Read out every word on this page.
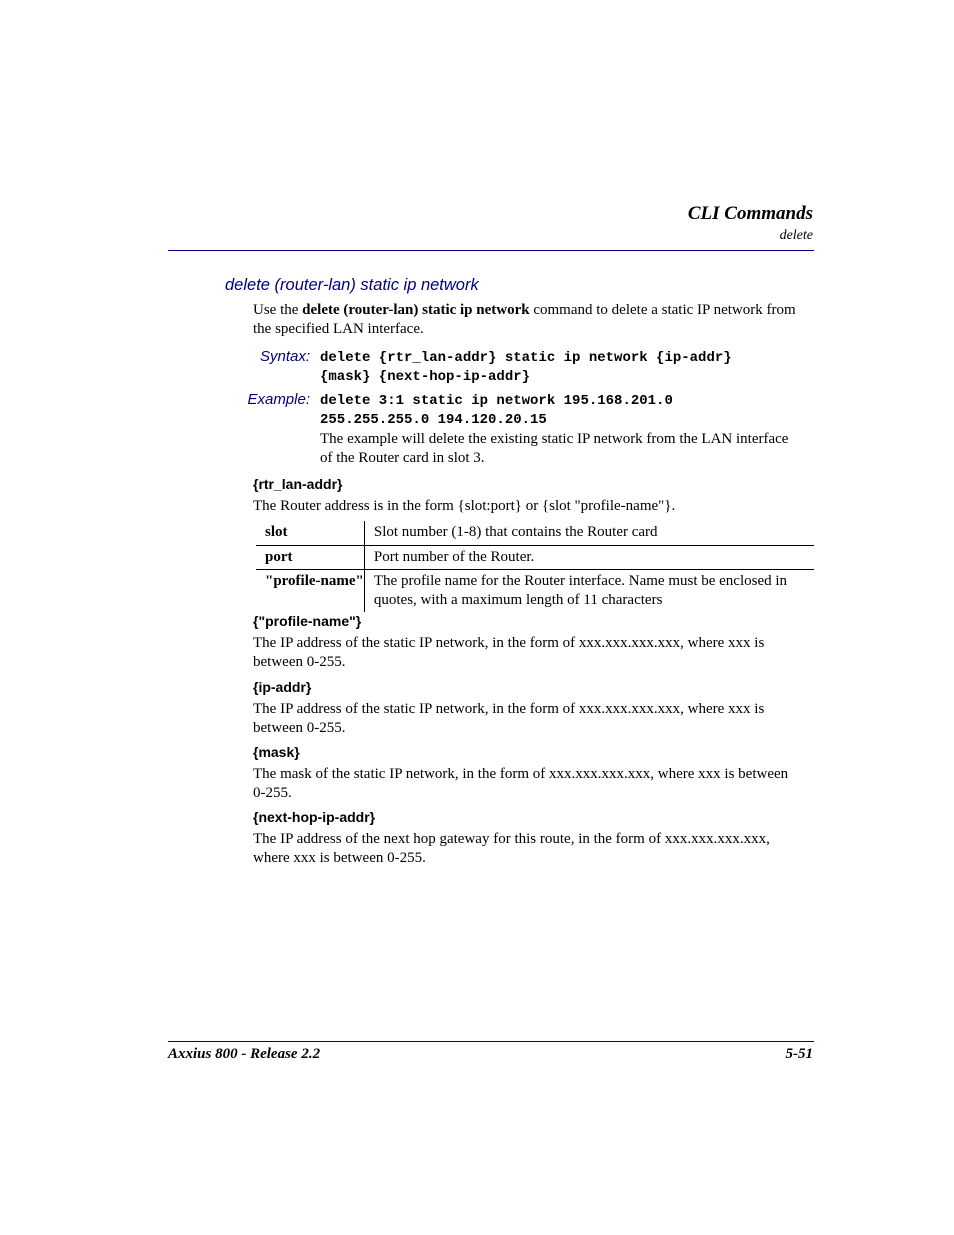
CLI Commands
delete
delete (router-lan) static ip network
Use the delete (router-lan) static ip network command to delete a static IP network from
the specified LAN interface.
Syntax: delete {rtr_lan-addr} static ip network {ip-addr}
{mask} {next-hop-ip-addr}
Example: delete 3:1 static ip network 195.168.201.0
255.255.255.0 194.120.20.15
The example will delete the existing static IP network from the LAN interface
of the Router card in slot 3.
{rtr_lan-addr}
The Router address is in the form {slot:port} or {slot "profile-name"}.
slot	Slot number (1-8) that contains the Router card
port	Port number of the Router.
"profile-name"	The profile name for the Router interface. Name must be enclosed in
quotes, with a maximum length of 11 characters
{"profile-name"}
The IP address of the static IP network, in the form of xxx.xxx.xxx.xxx, where xxx is
between 0-255.
{ip-addr}
The IP address of the static IP network, in the form of xxx.xxx.xxx.xxx, where xxx is
between 0-255.
{mask}
The mask of the static IP network, in the form of xxx.xxx.xxx.xxx, where xxx is between
0-255.
{next-hop-ip-addr}
The IP address of the next hop gateway for this route, in the form of xxx.xxx.xxx.xxx,
where xxx is between 0-255.
Axxius 800 - Release 2.2	5-51
